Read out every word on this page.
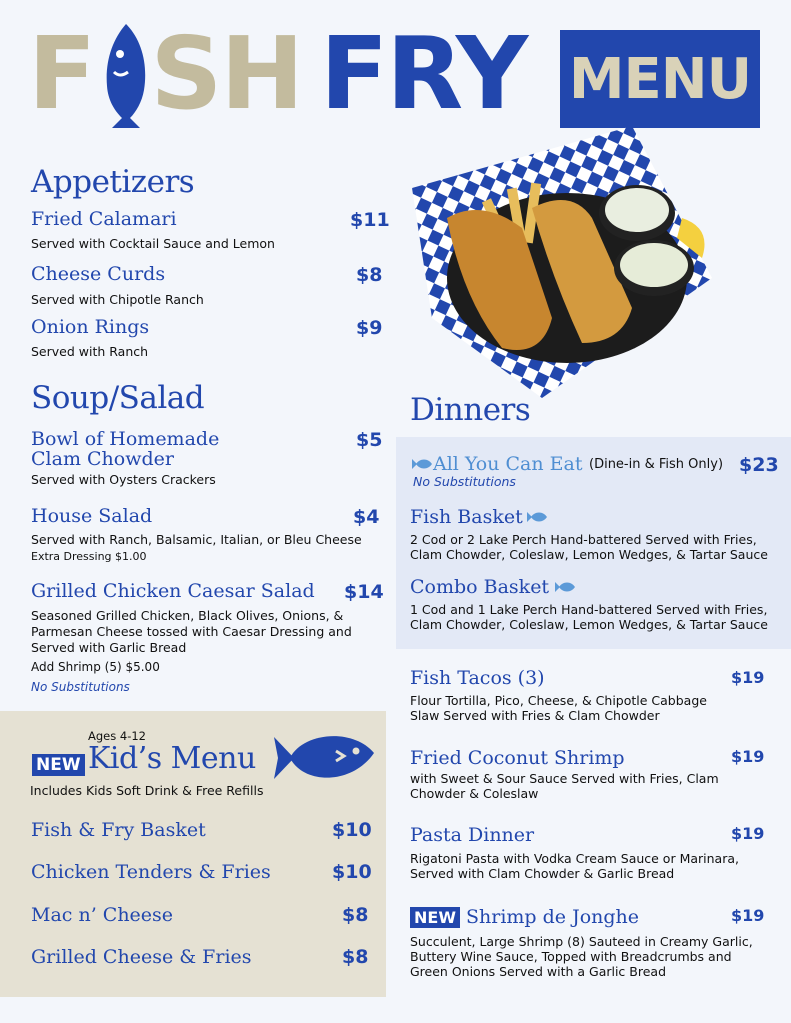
F SH FRY MENU
Appetizers
Fried Calamari	$11
Served with Cocktail Sauce and Lemon
Cheese Curds	$8
Served with Chipotle Ranch
Onion Rings	$9
Served with Ranch
Soup/Salad
Bowl of Homemade
Clam Chowder
$5
Served with Oysters Crackers
House Salad	$4
Served with Ranch, Balsamic, Italian, or Bleu Cheese
Extra Dressing $1.00
Grilled Chicken Caesar Salad $14
Seasoned Grilled Chicken, Black Olives, Onions, &
Parmesan Cheese tossed with Caesar Dressing and
Served with Garlic Bread
Add Shrimp (5) $5.00
No Substitutions
Ages 4-12
NEW Kid’s Menu
Includes Kids Soft Drink & Free Refills
Fish & Fry Basket	$10
Chicken Tenders & Fries	$10
Mac n’ Cheese	$8
Grilled Cheese & Fries	$8
Dinners
All You Can Eat (Dine-in & Fish Only) $23
No Substitutions
Fish Basket
2 Cod or 2 Lake Perch Hand-battered Served with Fries,
Clam Chowder, Coleslaw, Lemon Wedges, & Tartar Sauce
Combo Basket
1 Cod and 1 Lake Perch Hand-battered Served with Fries,
Clam Chowder, Coleslaw, Lemon Wedges, & Tartar Sauce
Fish Tacos (3)	$19
Flour Tortilla, Pico, Cheese, & Chipotle Cabbage
Slaw Served with Fries & Clam Chowder
Fried Coconut Shrimp	$19
with Sweet & Sour Sauce Served with Fries, Clam
Chowder & Coleslaw
Pasta Dinner	$19
Rigatoni Pasta with Vodka Cream Sauce or Marinara,
Served with Clam Chowder & Garlic Bread
NEW Shrimp de Jonghe	$19
Succulent, Large Shrimp (8) Sauteed in Creamy Garlic,
Buttery Wine Sauce, Topped with Breadcrumbs and
Green Onions Served with a Garlic Bread
